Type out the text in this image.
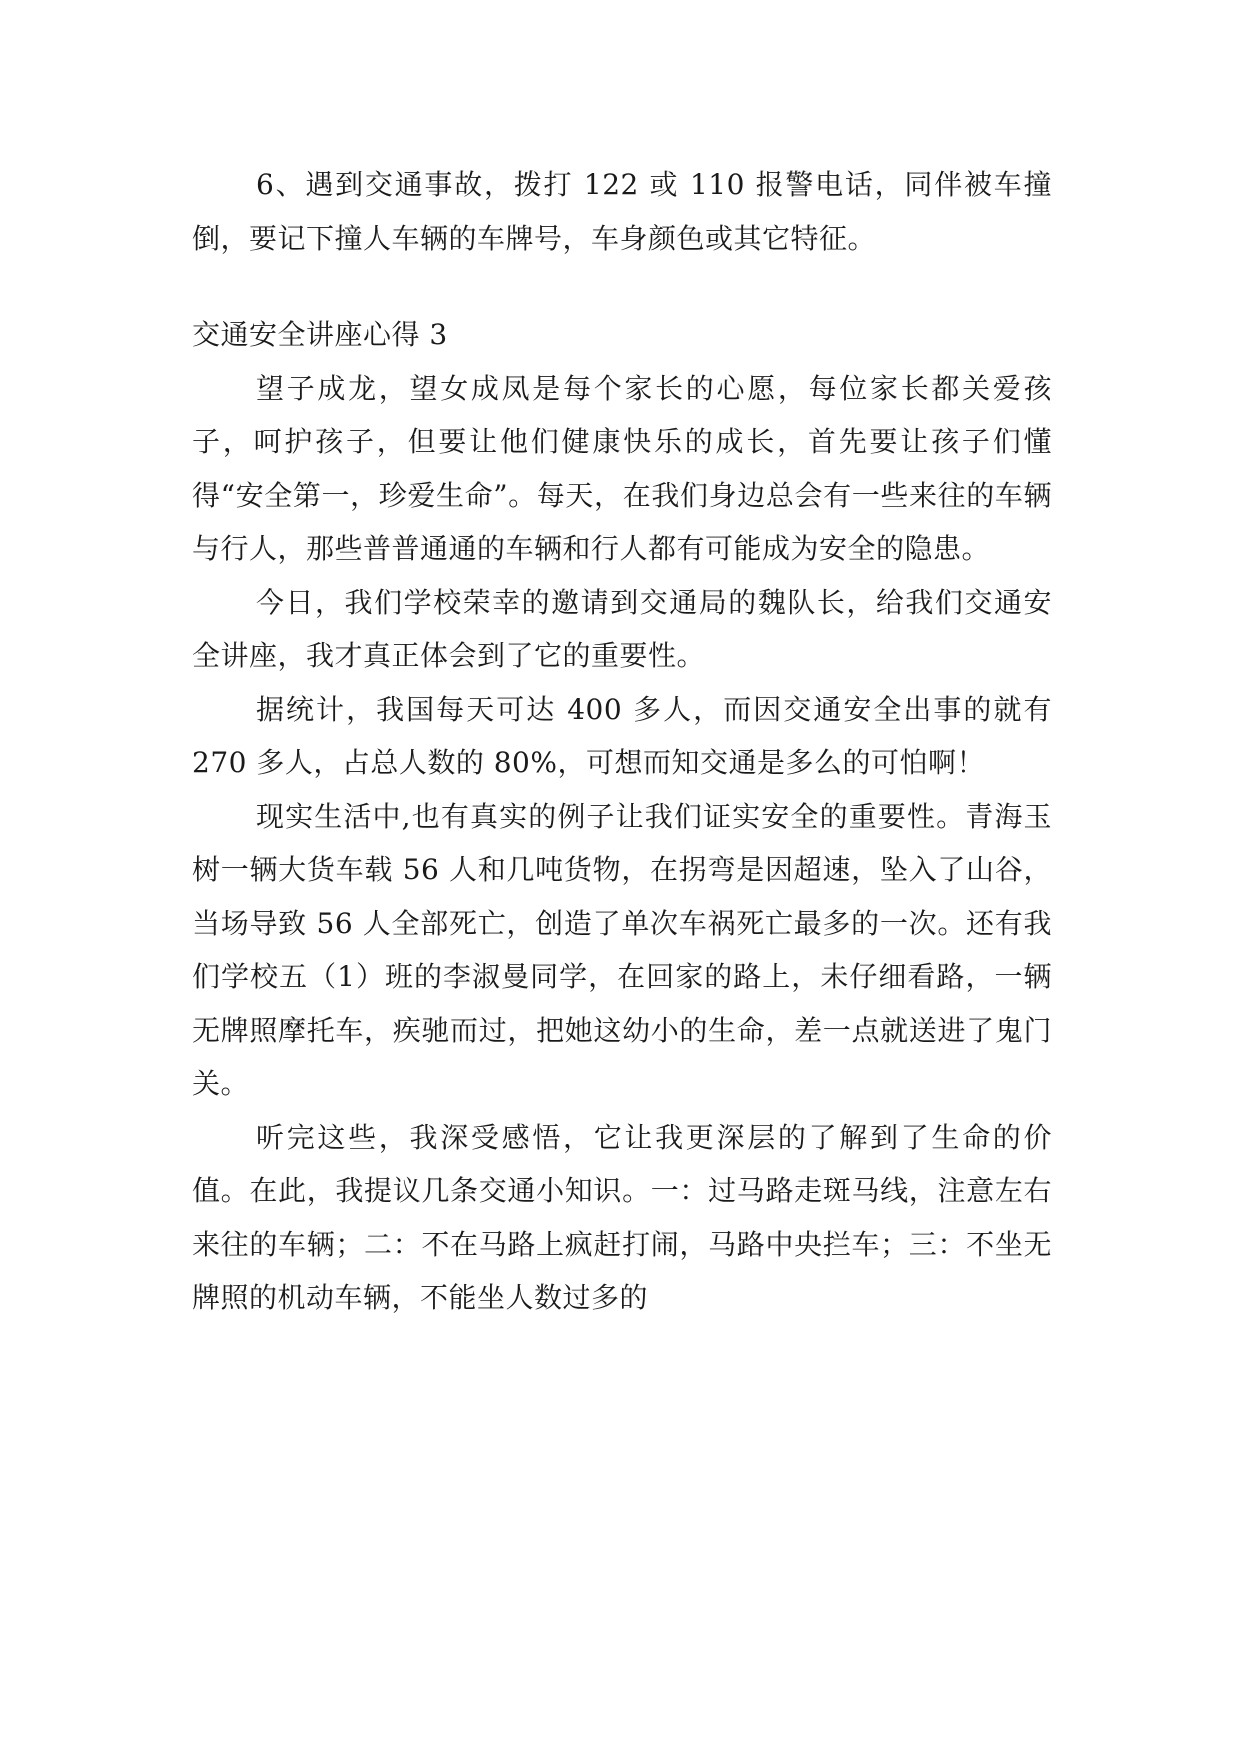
6、遇到交通事故，拨打 122 或 110 报警电话，同伴被车撞倒，要记下撞人车辆的车牌号，车身颜色或其它特征。

交通安全讲座心得 3

望子成龙，望女成凤是每个家长的心愿，每位家长都关爱孩子，呵护孩子，但要让他们健康快乐的成长，首先要让孩子们懂得“安全第一，珍爱生命”。每天，在我们身边总会有一些来往的车辆与行人，那些普普通通的车辆和行人都有可能成为安全的隐患。

今日，我们学校荣幸的邀请到交通局的魏队长，给我们交通安全讲座，我才真正体会到了它的重要性。

据统计，我国每天可达 400 多人，而因交通安全出事的就有 270 多人，占总人数的 80%，可想而知交通是多么的可怕啊！

现实生活中,也有真实的例子让我们证实安全的重要性。青海玉树一辆大货车载 56 人和几吨货物，在拐弯是因超速，坠入了山谷，当场导致 56 人全部死亡，创造了单次车祸死亡最多的一次。还有我们学校五（1）班的李淑曼同学，在回家的路上，未仔细看路，一辆无牌照摩托车，疾驰而过，把她这幼小的生命，差一点就送进了鬼门关。

听完这些，我深受感悟，它让我更深层的了解到了生命的价值。在此，我提议几条交通小知识。一：过马路走斑马线，注意左右来往的车辆；二：不在马路上疯赶打闹，马路中央拦车；三：不坐无牌照的机动车辆，不能坐人数过多的
